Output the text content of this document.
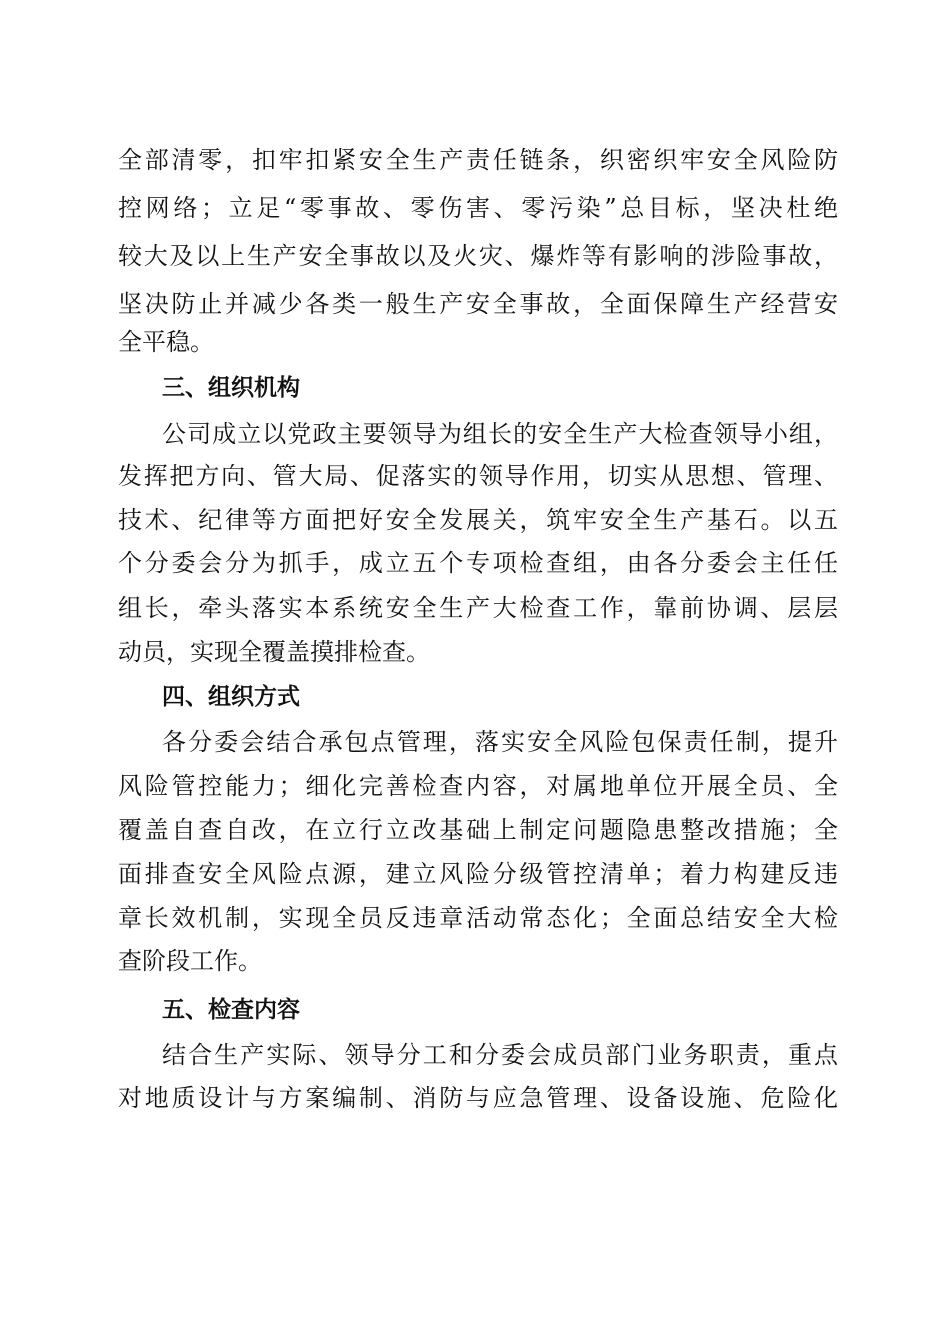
全部清零，扣牢扣紧安全生产责任链条，织密织牢安全风险防
控网络；立足“零事故、零伤害、零污染”总目标，坚决杜绝
较大及以上生产安全事故以及火灾、爆炸等有影响的涉险事故，
坚决防止并减少各类一般生产安全事故，全面保障生产经营安
全平稳。
三、组织机构
公司成立以党政主要领导为组长的安全生产大检查领导小组，
发挥把方向、管大局、促落实的领导作用，切实从思想、管理、
技术、纪律等方面把好安全发展关，筑牢安全生产基石。以五
个分委会分为抓手，成立五个专项检查组，由各分委会主任任
组长，牵头落实本系统安全生产大检查工作，靠前协调、层层
动员，实现全覆盖摸排检查。
四、组织方式
各分委会结合承包点管理，落实安全风险包保责任制，提升
风险管控能力；细化完善检查内容，对属地单位开展全员、全
覆盖自查自改，在立行立改基础上制定问题隐患整改措施；全
面排查安全风险点源，建立风险分级管控清单；着力构建反违
章长效机制，实现全员反违章活动常态化；全面总结安全大检
查阶段工作。
五、检查内容
结合生产实际、领导分工和分委会成员部门业务职责，重点
对地质设计与方案编制、消防与应急管理、设备设施、危险化
